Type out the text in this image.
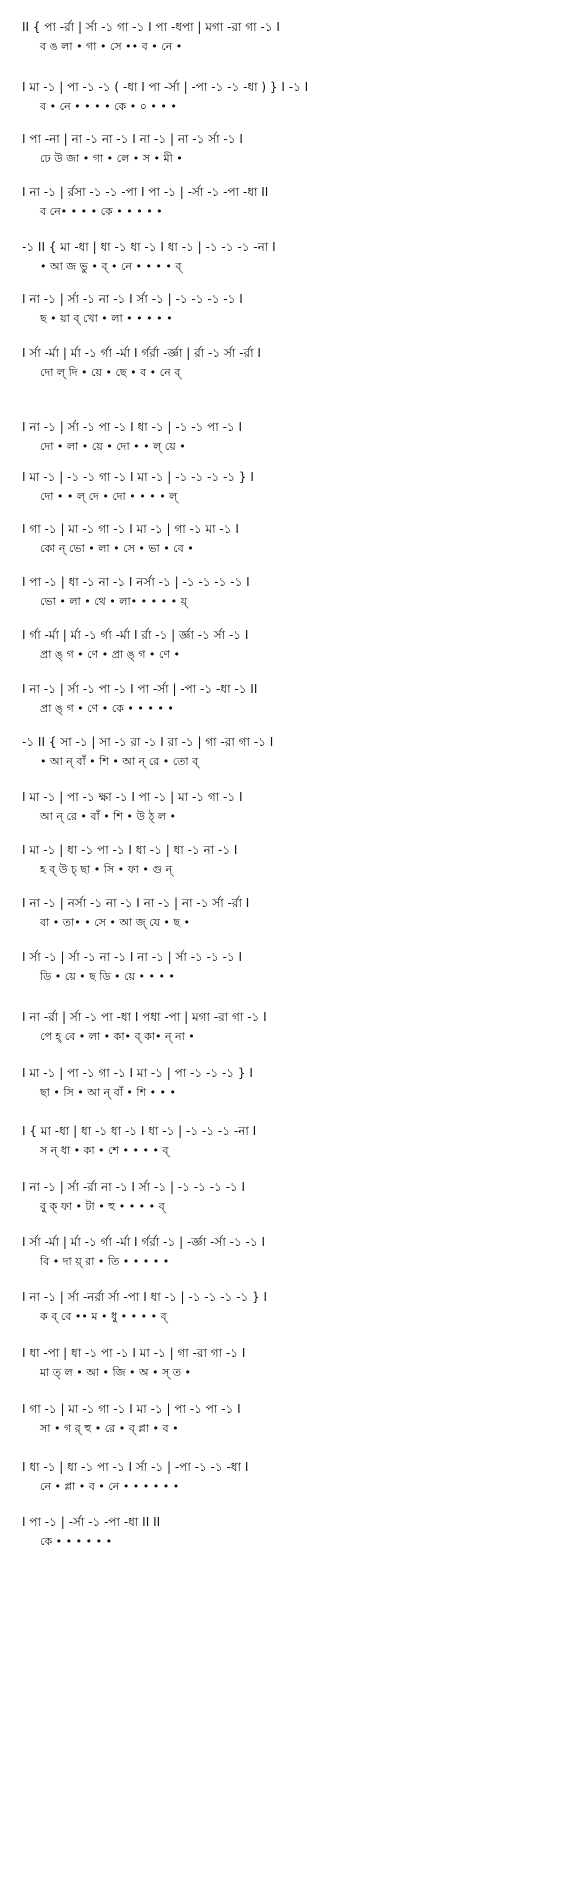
II { পা -র্রা | র্সা -১ গা -১ I পা -ধপা | মগা -রা গা -১ I
ব ঙ লা • গা • সে •• ব • নে •
I মা -১ | পা -১ -১ ( -ধা I পা -র্সা | -পা -১ -১ -ধা ) } I -১ I
ব • নে • • • • কে • ০ • • •
I পা -না | না -১ না -১ I না -১ | না -১ র্সা -১ I
ঢে উ জা • গা • লে • স • মী •
I না -১ | র্রসা -১ -১ -পা I পা -১ | -র্সা -১ -পা -ধা II
ব নে• • • • কে • • • • •
-১ II { মা -ধা | ধা -১ ধা -১ I ধা -১ | -১ -১ -১ -না I
• আ জ ভু • ব্ • নে • • • • ব্
I না -১ | র্সা -১ না -১ I র্সা -১ | -১ -১ -১ -১ I
ছ • য়া ব্ খো • লা • • • • •
I র্সা -র্মা | র্মা -১ র্গা -র্মা I র্গর্রা -র্জ্ঞা | র্রা -১ র্সা -র্রা I
দো ল্ দি • য়ে • ছে • ব • নে ব্
I না -১ | র্সা -১ পা -১ I ধা -১ | -১ -১ পা -১ I
দো • লা • য়ে • দো • • ল্ য়ে •
I মা -১ | -১ -১ গা -১ I মা -১ | -১ -১ -১ -১ } I
দো • • ল্ দে • দো • • • • ল্
I গা -১ | মা -১ গা -১ I মা -১ | গা -১ মা -১ I
কো ন্ ভো • লা • সে • ভা • বে •
I পা -১ | ধা -১ না -১ I নর্সা -১ | -১ -১ -১ -১ I
ভো • লা • থে • লা• • • • • য়্
I র্গা -র্মা | র্মা -১ র্গা -র্মা I র্রা -১ | র্জ্ঞা -১ র্সা -১ I
প্রা ঙ্ গ • ণে • প্রা ঙ্ গ • ণে •
I না -১ | র্সা -১ পা -১ I পা -র্সা | -পা -১ -ধা -১ II
প্রা ঙ্ গ • ণে • কে • • • • •
-১ II { সা -১ | সা -১ রা -১ I রা -১ | গা -রা গা -১ I
• আ ন্ বাঁ • শি • আ ন্ রে • তো ব্
I মা -১ | পা -১ ক্ষা -১ I পা -১ | মা -১ গা -১ I
আ ন্ রে • বাঁ • শি • উ ঠ্ ল •
I মা -১ | ধা -১ পা -১ I ধা -১ | ধা -১ না -১ I
হ ব্ উ চ্ ছা • সি • ফা • গু ন্
I না -১ | নর্সা -১ না -১ I না -১ | না -১ র্সা -র্রা I
বা • তা• • সে • আ জ্ যে • ছ •
I র্সা -১ | র্সা -১ না -১ I না -১ | র্সা -১ -১ -১ I
ডি • য়ে • ছ ডি • য়ে • • • •
I না -র্রা | র্সা -১ পা -ধা I পধা -পা | মগা -রা গা -১ I
পে হ্ বে • লা • কা• ব্ কা• ন্ না •
I মা -১ | পা -১ গা -১ I মা -১ | পা -১ -১ -১ } I
ছা • সি • আ ন্ বাঁ • শি • • •
I { মা -ধা | ধা -১ ধা -১ I ধা -১ | -১ -১ -১ -না I
স ন্ ধা • কা • শে • • • • ব্
I না -১ | র্সা -র্রা না -১ I র্সা -১ | -১ -১ -১ -১ I
বু ক্ ফা • টা • হু • • • • ব্
I র্সা -র্মা | র্মা -১ র্গা -র্মা I র্গর্রা -১ | -র্জ্ঞা -র্সা -১ -১ I
বি • দা য়্ রা • তি • • • • •
I না -১ | র্সা -নর্রা র্সা -পা I ধা -১ | -১ -১ -১ -১ } I
ক ব্ বে •• ম • ধু • • • • ব্
I ধা -পা | ধা -১ পা -১ I মা -১ | গা -রা গা -১ I
মা ত্ ল • আ • জি • অ • স্ ত •
I গা -১ | মা -১ গা -১ I মা -১ | পা -১ পা -১ I
সা • গ র্ হু • রে • ব্ প্লা • ব •
I ধা -১ | ধা -১ পা -১ I র্সা -১ | -পা -১ -১ -ধা I
নে • প্লা • ব • নে • • • • • •
I পা -১ | -র্সা -১ -পা -ধা II II
কে • • • • • •
